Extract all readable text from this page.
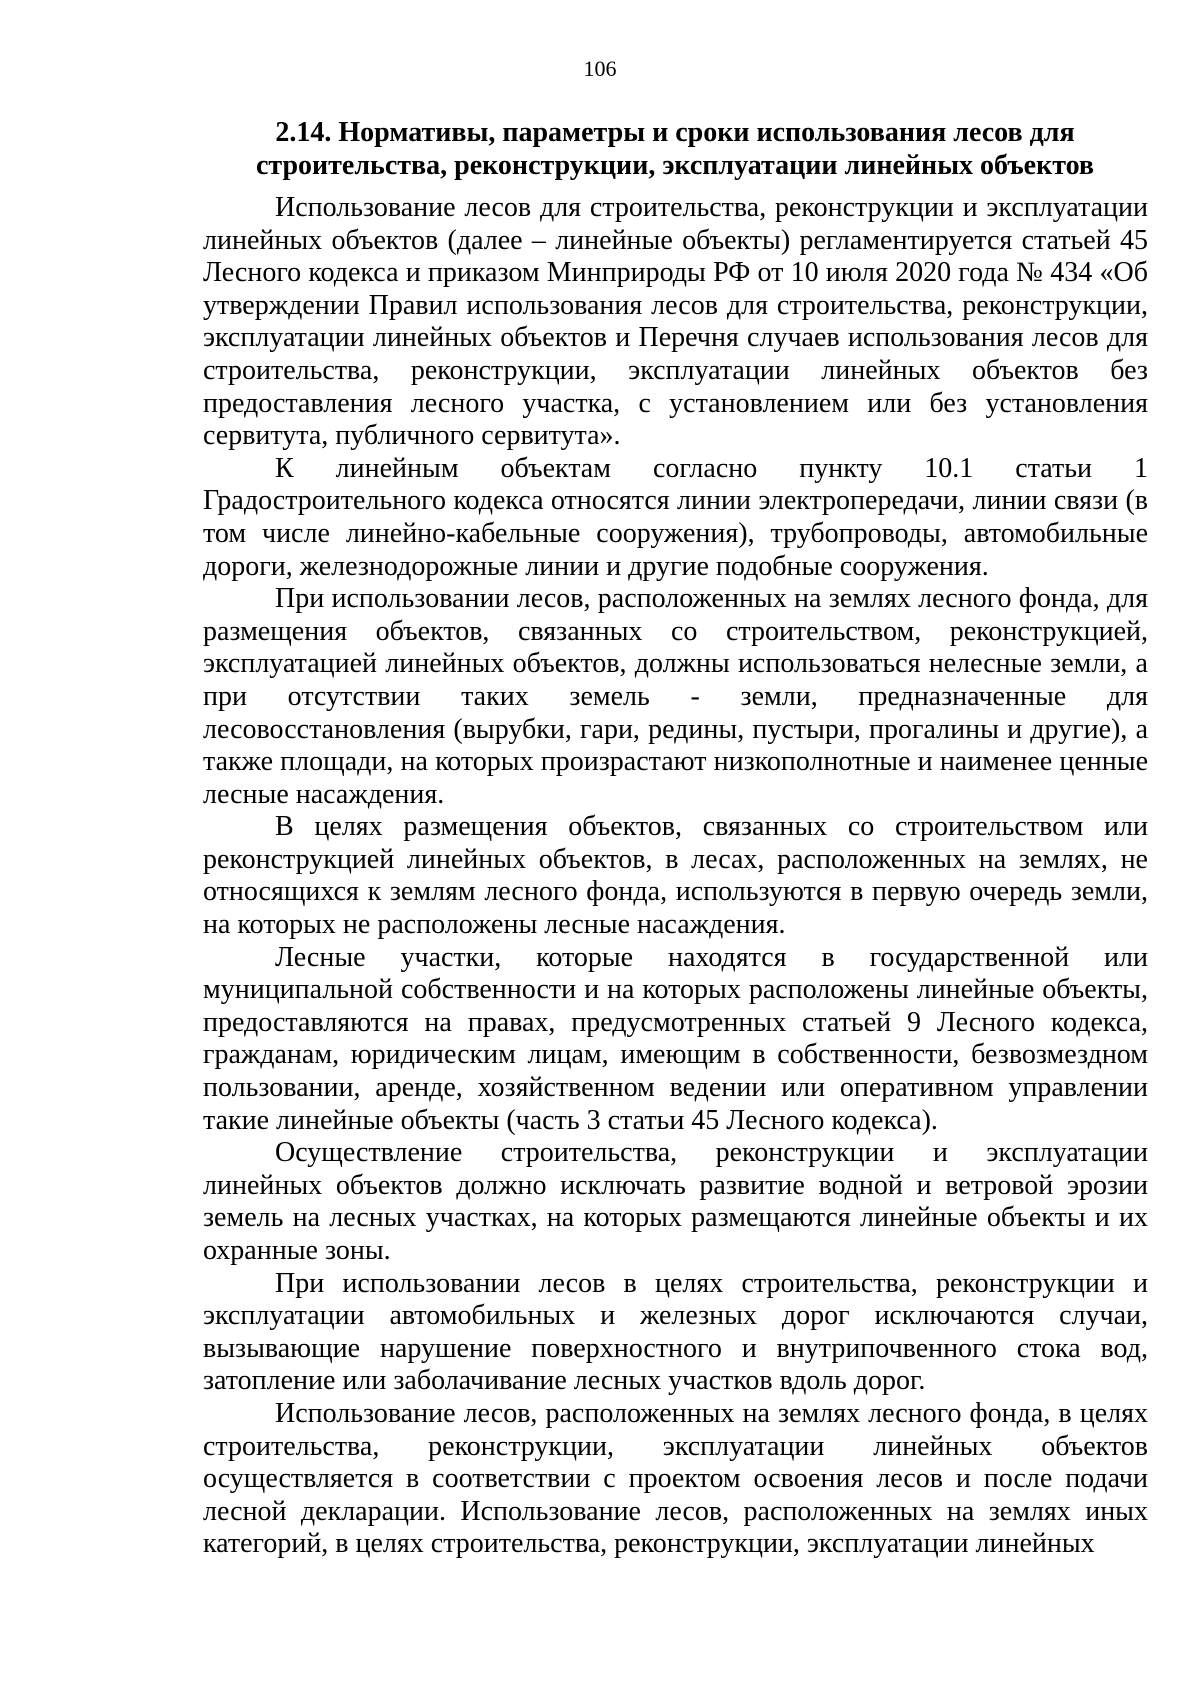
106
2.14. Нормативы, параметры и сроки использования лесов для
строительства, реконструкции, эксплуатации линейных объектов

Использование лесов для строительства, реконструкции и эксплуатации линейных объектов (далее – линейные объекты) регламентируется статьей 45 Лесного кодекса и приказом Минприроды РФ от 10 июля 2020 года № 434 «Об утверждении Правил использования лесов для строительства, реконструкции, эксплуатации линейных объектов и Перечня случаев использования лесов для строительства, реконструкции, эксплуатации линейных объектов без предоставления лесного участка, с установлением или без установления сервитута, публичного сервитута».

К линейным объектам согласно пункту 10.1 статьи 1 Градостроительного кодекса относятся линии электропередачи, линии связи (в том числе линейно-кабельные сооружения), трубопроводы, автомобильные дороги, железнодорожные линии и другие подобные сооружения.

При использовании лесов, расположенных на землях лесного фонда, для размещения объектов, связанных со строительством, реконструкцией, эксплуатацией линейных объектов, должны использоваться нелесные земли, а при отсутствии таких земель - земли, предназначенные для лесовосстановления (вырубки, гари, редины, пустыри, прогалины и другие), а также площади, на которых произрастают низкополнотные и наименее ценные лесные насаждения.

В целях размещения объектов, связанных со строительством или реконструкцией линейных объектов, в лесах, расположенных на землях, не относящихся к землям лесного фонда, используются в первую очередь земли, на которых не расположены лесные насаждения.

Лесные участки, которые находятся в государственной или муниципальной собственности и на которых расположены линейные объекты, предоставляются на правах, предусмотренных статьей 9 Лесного кодекса, гражданам, юридическим лицам, имеющим в собственности, безвозмездном пользовании, аренде, хозяйственном ведении или оперативном управлении такие линейные объекты (часть 3 статьи 45 Лесного кодекса).

Осуществление строительства, реконструкции и эксплуатации линейных объектов должно исключать развитие водной и ветровой эрозии земель на лесных участках, на которых размещаются линейные объекты и их охранные зоны.

При использовании лесов в целях строительства, реконструкции и эксплуатации автомобильных и железных дорог исключаются случаи, вызывающие нарушение поверхностного и внутрипочвенного стока вод, затопление или заболачивание лесных участков вдоль дорог.

Использование лесов, расположенных на землях лесного фонда, в целях строительства, реконструкции, эксплуатации линейных объектов осуществляется в соответствии с проектом освоения лесов и после подачи лесной декларации. Использование лесов, расположенных на землях иных категорий, в целях строительства, реконструкции, эксплуатации линейных
